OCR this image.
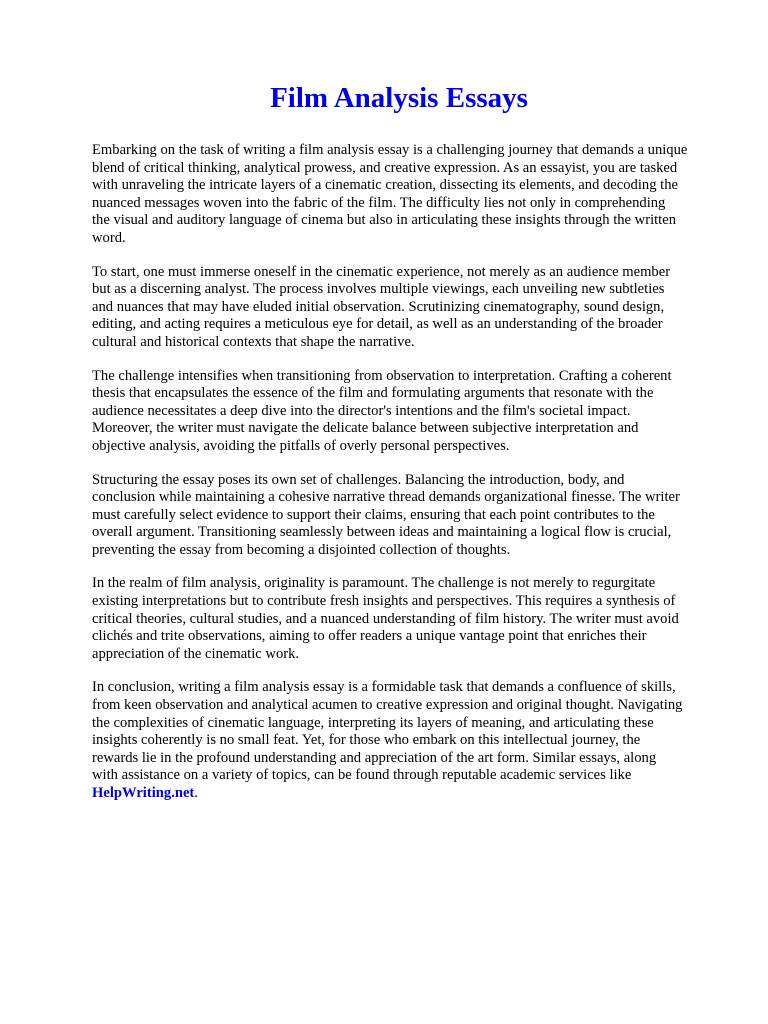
Film Analysis Essays

Embarking on the task of writing a film analysis essay is a challenging journey that demands a unique
blend of critical thinking, analytical prowess, and creative expression. As an essayist, you are tasked
with unraveling the intricate layers of a cinematic creation, dissecting its elements, and decoding the
nuanced messages woven into the fabric of the film. The difficulty lies not only in comprehending
the visual and auditory language of cinema but also in articulating these insights through the written
word.

To start, one must immerse oneself in the cinematic experience, not merely as an audience member
but as a discerning analyst. The process involves multiple viewings, each unveiling new subtleties
and nuances that may have eluded initial observation. Scrutinizing cinematography, sound design,
editing, and acting requires a meticulous eye for detail, as well as an understanding of the broader
cultural and historical contexts that shape the narrative.

The challenge intensifies when transitioning from observation to interpretation. Crafting a coherent
thesis that encapsulates the essence of the film and formulating arguments that resonate with the
audience necessitates a deep dive into the director's intentions and the film's societal impact.
Moreover, the writer must navigate the delicate balance between subjective interpretation and
objective analysis, avoiding the pitfalls of overly personal perspectives.

Structuring the essay poses its own set of challenges. Balancing the introduction, body, and
conclusion while maintaining a cohesive narrative thread demands organizational finesse. The writer
must carefully select evidence to support their claims, ensuring that each point contributes to the
overall argument. Transitioning seamlessly between ideas and maintaining a logical flow is crucial,
preventing the essay from becoming a disjointed collection of thoughts.

In the realm of film analysis, originality is paramount. The challenge is not merely to regurgitate
existing interpretations but to contribute fresh insights and perspectives. This requires a synthesis of
critical theories, cultural studies, and a nuanced understanding of film history. The writer must avoid
clichés and trite observations, aiming to offer readers a unique vantage point that enriches their
appreciation of the cinematic work.

In conclusion, writing a film analysis essay is a formidable task that demands a confluence of skills,
from keen observation and analytical acumen to creative expression and original thought. Navigating
the complexities of cinematic language, interpreting its layers of meaning, and articulating these
insights coherently is no small feat. Yet, for those who embark on this intellectual journey, the
rewards lie in the profound understanding and appreciation of the art form. Similar essays, along
with assistance on a variety of topics, can be found through reputable academic services like
HelpWriting.net.
